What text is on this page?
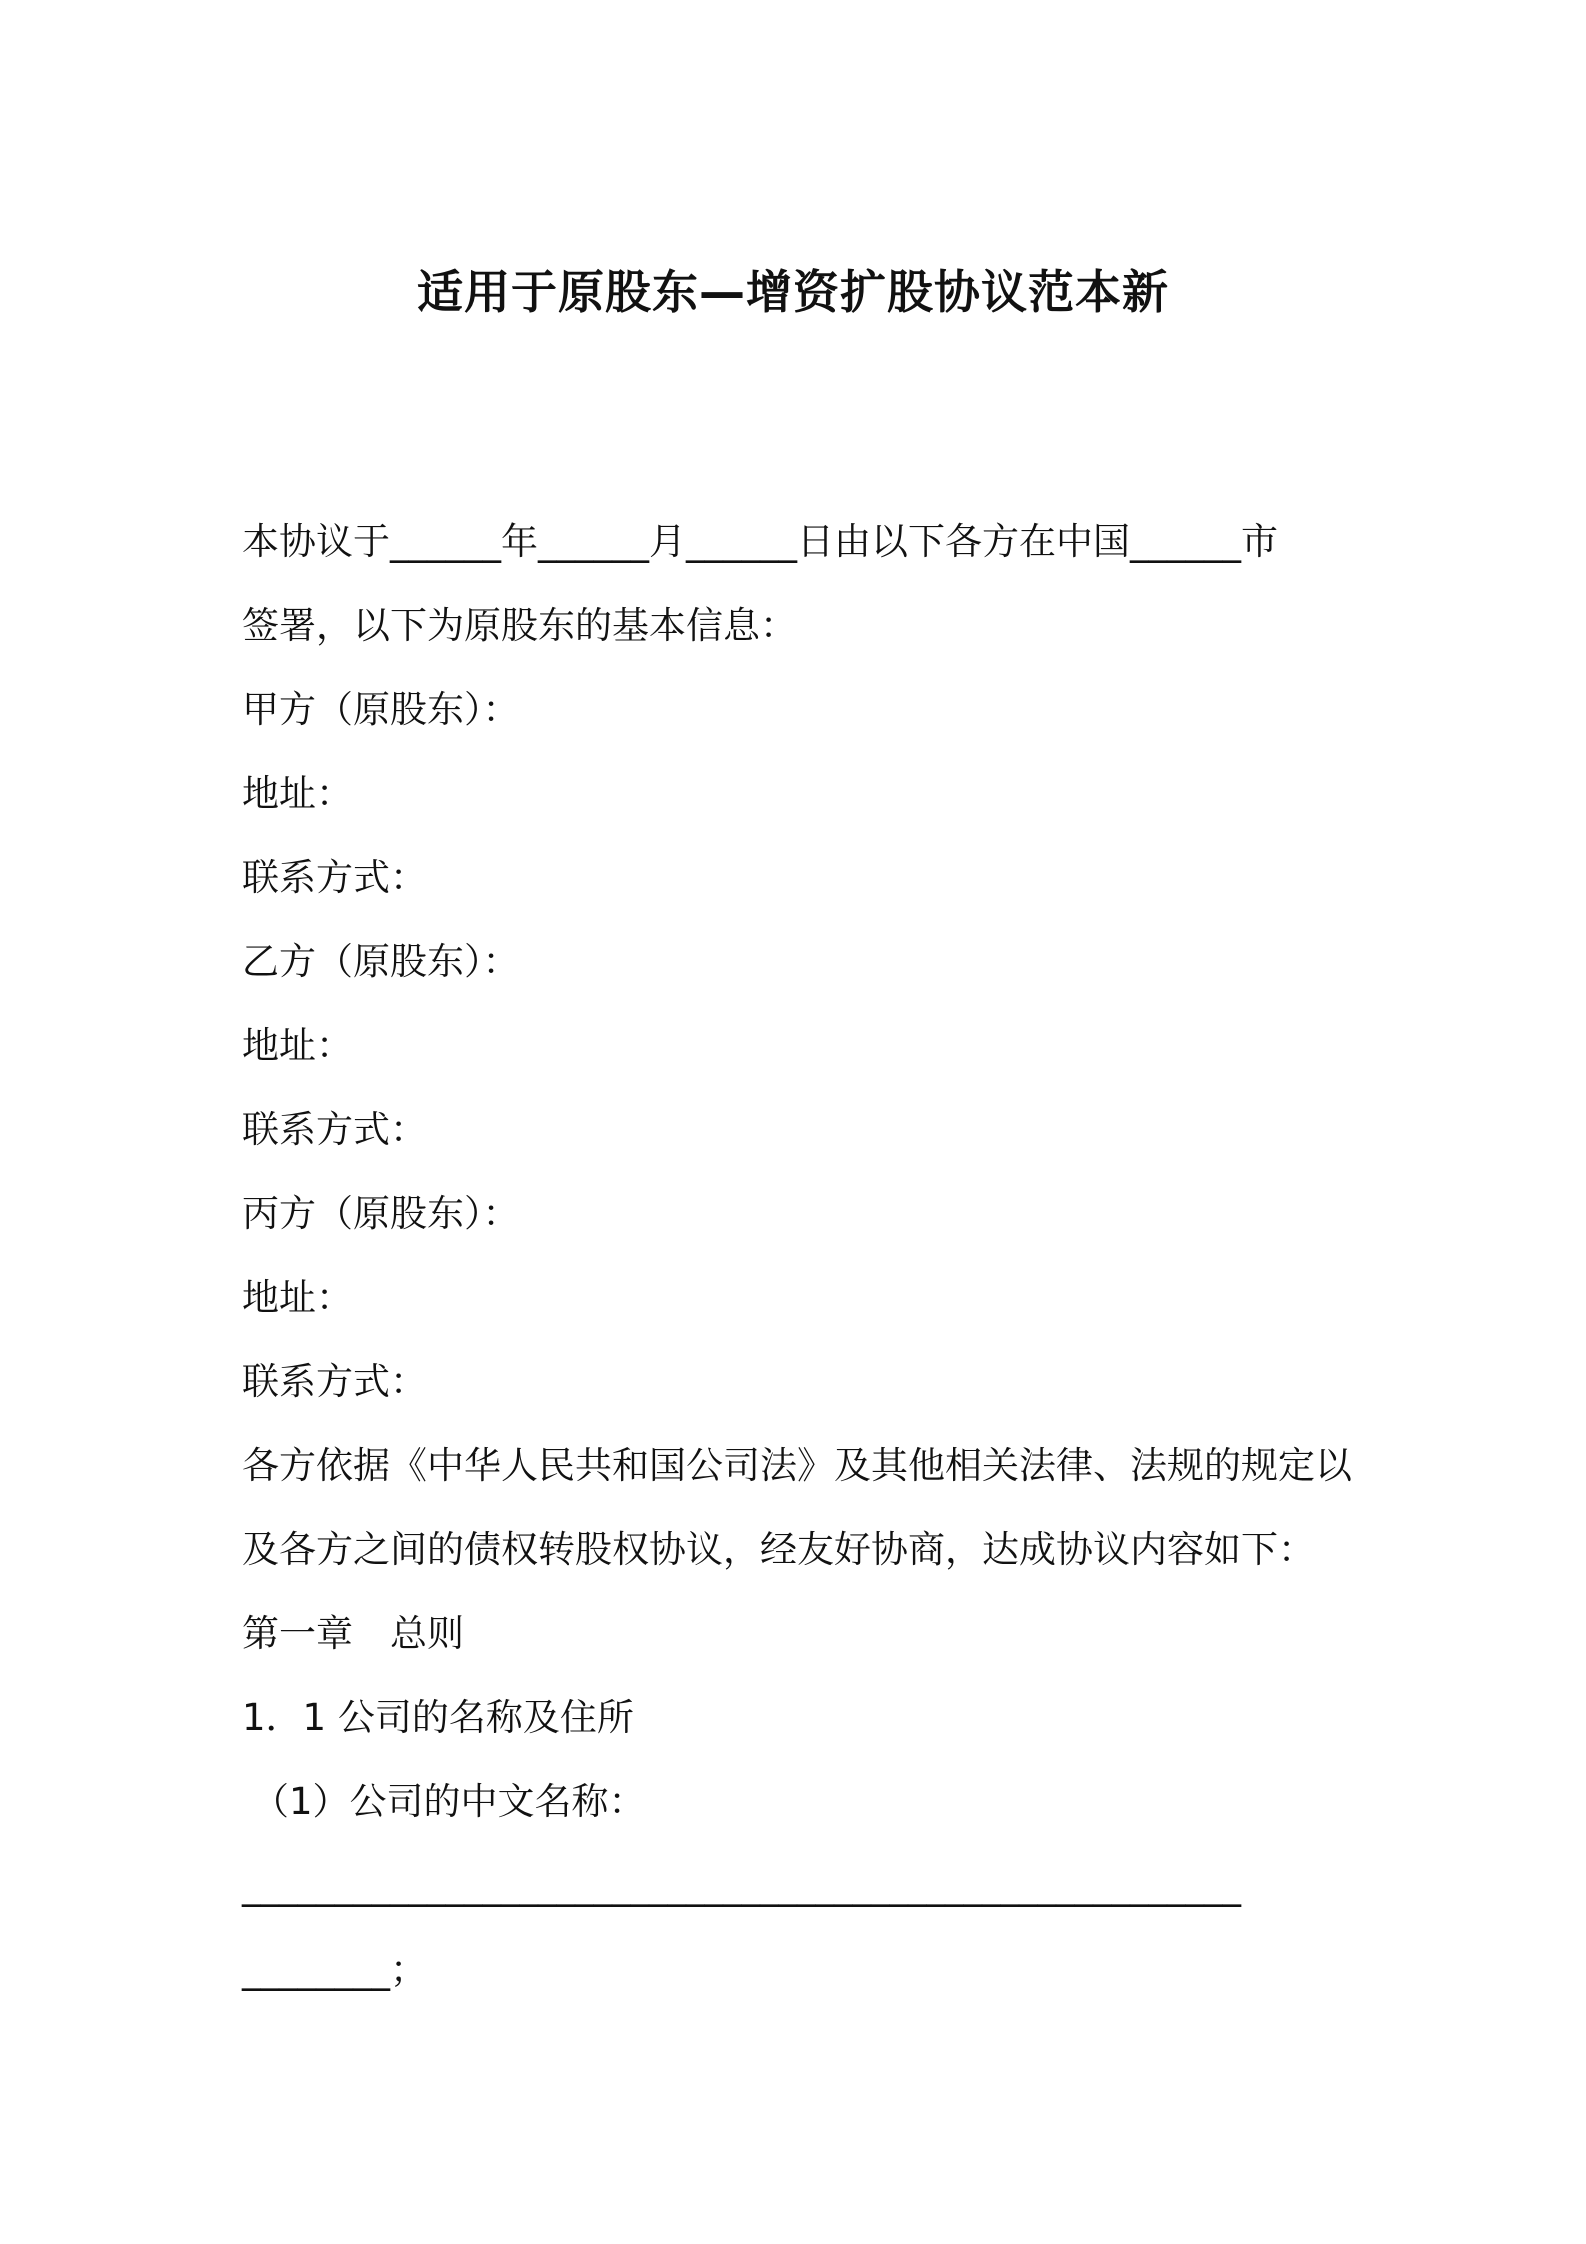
适用于原股东—增资扩股协议范本新
本协议于______年______月______日由以下各方在中国______市
签署，以下为原股东的基本信息：
甲方（原股东）：
地址：
联系方式：
乙方（原股东）：
地址：
联系方式：
丙方（原股东）：
地址：
联系方式：
各方依据《中华人民共和国公司法》及其他相关法律、法规的规定以
及各方之间的债权转股权协议，经友好协商，达成协议内容如下：
第一章　总则
1．1 公司的名称及住所
（1）公司的中文名称：
______________________________________________________
________；
